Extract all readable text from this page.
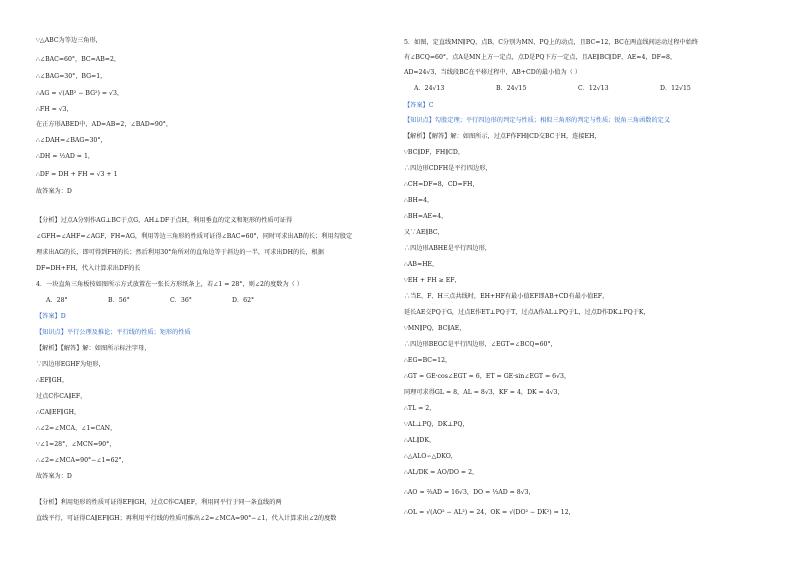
∵△ABC为等边三角形，
∴∠BAC=60°，BC=AB=2，
∴∠BAG=30°，BG=1，
∴AG = √(AB² − BG²) = √3，
∴FH = √3，
在正方形ABED中，AD=AB=2，∠BAD=90°，
∴∠DAH=∠BAG=30°，
∴DH = ½AD = 1，
∴DF = DH + FH = √3 + 1
故答案为：D
【分析】过点A分别作AG⊥BC于点G，AH⊥DF于点H，利用垂直的定义和矩形的性质可证得
∠GFH=∠AHF=∠AGF，FH=AG，利用等边三角形的性质可证得∠BAC=60°，同时可求出AB的长；利用勾股定
理求出AG的长，即可得到FH的长；然后利用30°角所对的直角边等于斜边的一半，可求出DH的长，根据
DF=DH+FH，代入计算求出DF的长
4．一块直角三角板按如图所示方式放置在一张长方形纸条上，若∠1 = 28°，则∠2的度数为（ ）
A．28°	B．56°	C．36°	D．62°
【答案】D
【知识点】平行公理及推论；平行线的性质；矩形的性质
【解析】【解答】解：如图所示标注字母，
∵四边形EGHF为矩形，
∴EF∥GH，
过点C作CA∥EF，
∴CA∥EF∥GH，
∴∠2=∠MCA，∠1=CAN，
∵∠1=28°，∠MCN=90°，
∴∠2=∠MCA=90°−∠1=62°，
故答案为：D
【分析】利用矩形的性质可证得EF∥GH，过点C作CA∥EF，利用同平行于同一条直线的两
直线平行，可证得CA∥EF∥GH；再利用平行线的性质可推出∠2=∠MCA=90°−∠1，代入计算求出∠2的度数
5．如图，定直线MN∥PQ，点B、C分别为MN、PQ上的动点，且BC=12，BC在两直线间运动过程中始终
有∠BCQ=60°，点A是MN上方一定点，点D是PQ下方一定点，且AE∥BC∥DF，AE=4，DF=8，
AD=24√3，当线段BC在平移过程中，AB+CD的最小值为（ ）
A．24√13	B．24√15	C．12√13	D．12√15
【答案】C
【知识点】勾股定理；平行四边形的判定与性质；相似三角形的判定与性质；锐角三角函数的定义
【解析】【解答】解：如图所示，过点F作FH∥CD交BC于H，连接EH，
∵BC∥DF，FH∥CD，
∴四边形CDFH是平行四边形，
∴CH=DF=8，CD=FH，
∴BH=4，
∴BH=AE=4，
又∵AE∥BC，
∴四边形ABHE是平行四边形，
∴AB=HE，
∵EH + FH ≥ EF，
∴当E、F、H三点共线时，EH+HF有最小值EF即AB+CD有最小值EF，
延长AE交PQ于G，过点E作ET⊥PQ于T，过点A作AL⊥PQ于L，过点D作DK⊥PQ于K，
∵MN∥PQ，BC∥AE，
∴四边形BEGC是平行四边形，∠EGT=∠BCQ=60°，
∴EG=BC=12，
∴GT = GE·cos∠EGT = 6，ET = GE·sin∠EGT = 6√3，
同理可求得GL = 8，AL = 8√3，KF = 4，DK = 4√3，
∴TL = 2，
∵AL⊥PQ，DK⊥PQ，
∴AL∥DK，
∴△ALO∽△DKO，
∴AL/DK = AO/DO = 2，
∴AO = ⅔AD = 16√3，DO = ⅓AD = 8√3，
∴OL = √(AO² − AL²) = 24，OK = √(DO² − DK²) = 12，
